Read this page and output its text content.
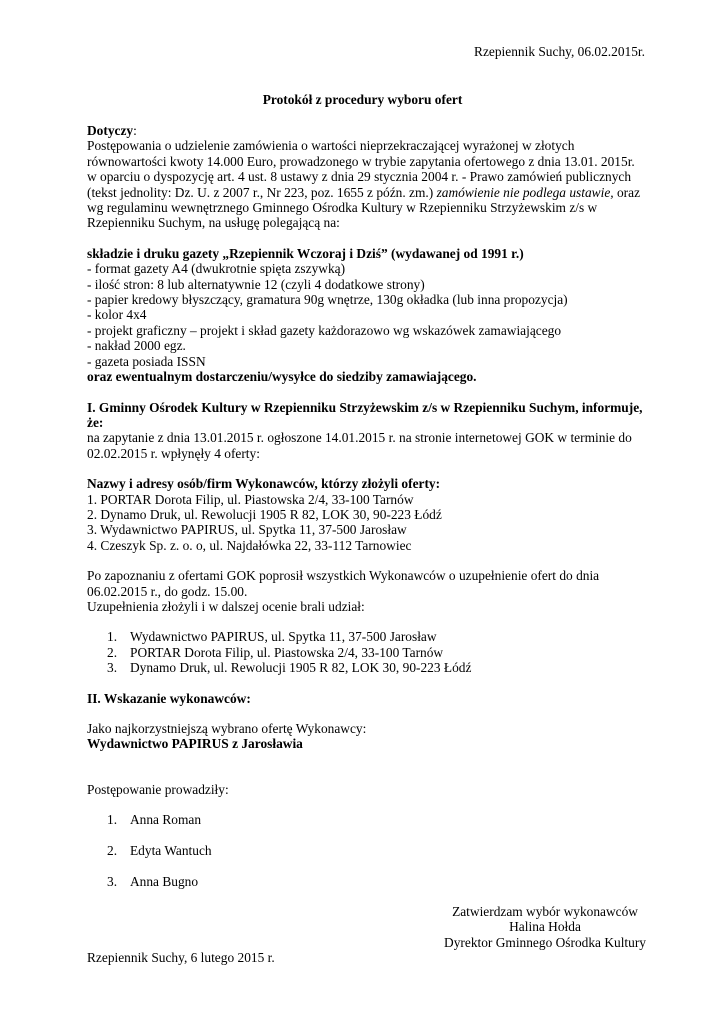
Rzepiennik Suchy, 06.02.2015r.
Protokół z procedury wyboru ofert

Dotyczy:

Postępowania o udzielenie zamówienia o wartości nieprzekraczającej wyrażonej w złotych

równowartości kwoty 14.000 Euro, prowadzonego w trybie zapytania ofertowego z dnia 13.01. 2015r.

w oparciu o dyspozycję art. 4 ust. 8 ustawy z dnia 29 stycznia 2004 r. - Prawo zamówień publicznych

(tekst jednolity: Dz. U. z 2007 r., Nr 223, poz. 1655 z późn. zm.) zamówienie nie podlega ustawie, oraz

wg regulaminu wewnętrznego Gminnego Ośrodka Kultury w Rzepienniku Strzyżewskim z/s w

Rzepienniku Suchym, na usługę polegającą na:

składzie i druku gazety „Rzepiennik Wczoraj i Dziś” (wydawanej od 1991 r.)

- format gazety A4 (dwukrotnie spięta zszywką)

- ilość stron: 8 lub alternatywnie 12 (czyli 4 dodatkowe strony)

- papier kredowy błyszczący, gramatura 90g wnętrze, 130g okładka (lub inna propozycja)

- kolor 4x4

- projekt graficzny – projekt i skład gazety każdorazowo wg wskazówek zamawiającego

- nakład 2000 egz.

- gazeta posiada ISSN

oraz ewentualnym dostarczeniu/wysyłce do siedziby zamawiającego.

I. Gminny Ośrodek Kultury w Rzepienniku Strzyżewskim z/s w Rzepienniku Suchym, informuje,

że:

na zapytanie z dnia 13.01.2015 r. ogłoszone 14.01.2015 r. na stronie internetowej GOK w terminie do

02.02.2015 r. wpłynęły 4 oferty:

Nazwy i adresy osób/firm Wykonawców, którzy złożyli oferty:

1. PORTAR Dorota Filip, ul. Piastowska 2/4, 33-100 Tarnów

2. Dynamo Druk, ul. Rewolucji 1905 R 82, LOK 30, 90-223 Łódź

3. Wydawnictwo PAPIRUS, ul. Spytka 11, 37-500 Jarosław

4. Czeszyk Sp. z. o. o, ul. Najdałówka 22, 33-112 Tarnowiec

Po zapoznaniu z ofertami GOK poprosił wszystkich Wykonawców o uzupełnienie ofert do dnia

06.02.2015 r., do godz. 15.00.

Uzupełnienia złożyli i w dalszej ocenie brali udział:

1. Wydawnictwo PAPIRUS, ul. Spytka 11, 37-500 Jarosław
2. PORTAR Dorota Filip, ul. Piastowska 2/4, 33-100 Tarnów
3. Dynamo Druk, ul. Rewolucji 1905 R 82, LOK 30, 90-223 Łódź

II. Wskazanie wykonawców:

Jako najkorzystniejszą wybrano ofertę Wykonawcy:

Wydawnictwo PAPIRUS z Jarosławia

Postępowanie prowadziły:

1. Anna Roman
2. Edyta Wantuch
3. Anna Bugno

Zatwierdzam wybór wykonawców

Halina Hołda

Dyrektor Gminnego Ośrodka Kultury

Rzepiennik Suchy, 6 lutego 2015 r.
